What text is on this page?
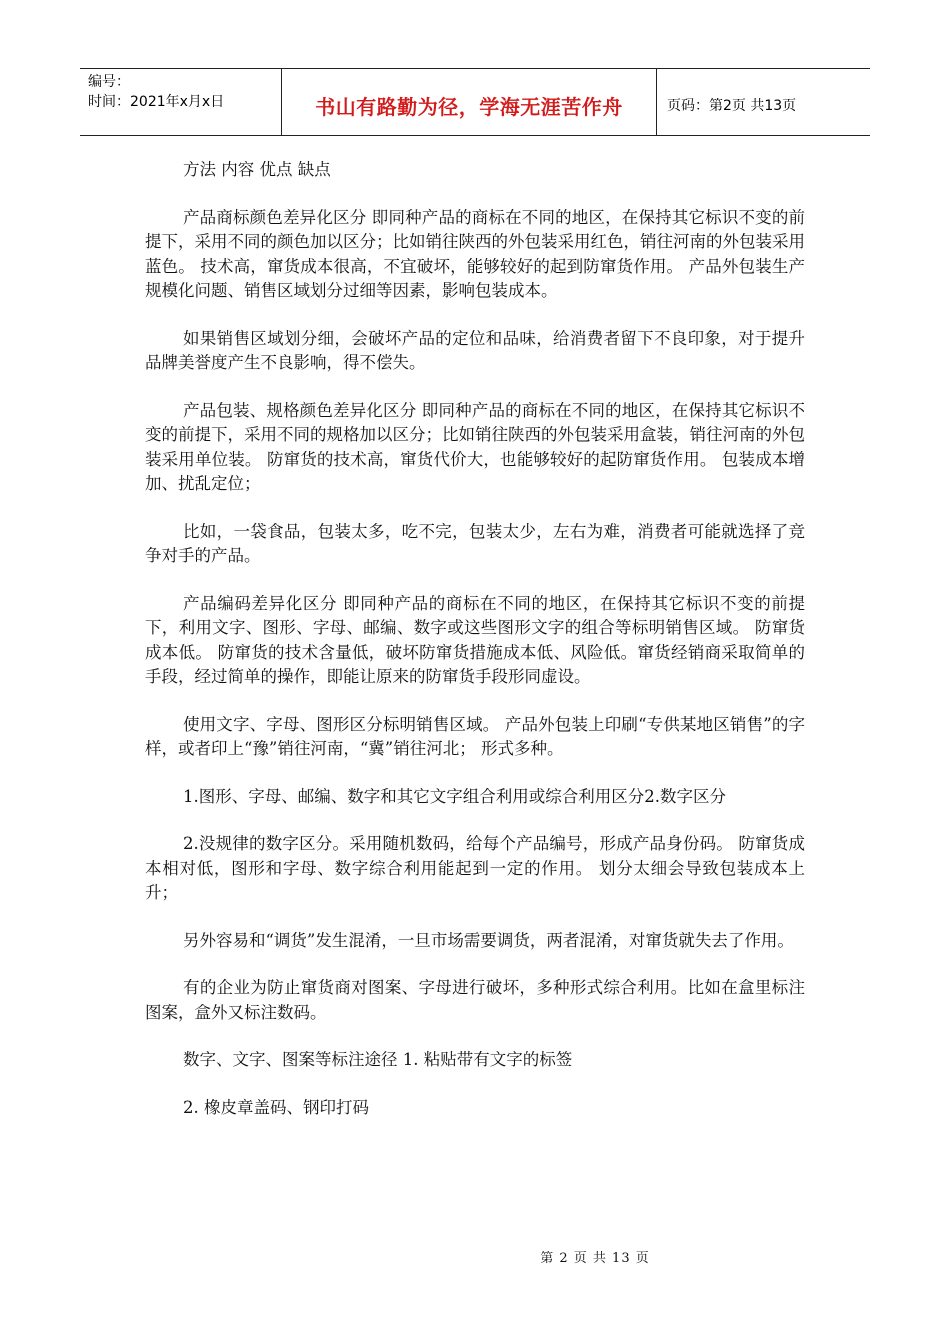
编号：
时间：2021年x月x日	书山有路勤为径，学海无涯苦作舟	页码：第2页 共13页

方法 内容 优点 缺点

产品商标颜色差异化区分 即同种产品的商标在不同的地区，在保持其它标识不变的前提下，采用不同的颜色加以区分；比如销往陕西的外包装采用红色，销往河南的外包装采用蓝色。 技术高，窜货成本很高，不宜破坏，能够较好的起到防窜货作用。 产品外包装生产规模化问题、销售区域划分过细等因素，影响包装成本。

如果销售区域划分细，会破坏产品的定位和品味，给消费者留下不良印象，对于提升品牌美誉度产生不良影响，得不偿失。

产品包装、规格颜色差异化区分 即同种产品的商标在不同的地区，在保持其它标识不变的前提下，采用不同的规格加以区分；比如销往陕西的外包装采用盒装，销往河南的外包装采用单位装。 防窜货的技术高，窜货代价大，也能够较好的起防窜货作用。 包装成本增加、扰乱定位；

比如，一袋食品，包装太多，吃不完，包装太少，左右为难，消费者可能就选择了竞争对手的产品。

产品编码差异化区分 即同种产品的商标在不同的地区，在保持其它标识不变的前提下，利用文字、图形、字母、邮编、数字或这些图形文字的组合等标明销售区域。 防窜货成本低。 防窜货的技术含量低，破坏防窜货措施成本低、风险低。窜货经销商采取简单的手段，经过简单的操作，即能让原来的防窜货手段形同虚设。

使用文字、字母、图形区分标明销售区域。 产品外包装上印刷“专供某地区销售”的字样，或者印上“豫”销往河南，“冀”销往河北； 形式多种。

1.图形、字母、邮编、数字和其它文字组合利用或综合利用区分2.数字区分

2.没规律的数字区分。采用随机数码，给每个产品编号，形成产品身份码。 防窜货成本相对低，图形和字母、数字综合利用能起到一定的作用。 划分太细会导致包装成本上升；

另外容易和“调货”发生混淆，一旦市场需要调货，两者混淆，对窜货就失去了作用。

有的企业为防止窜货商对图案、字母进行破坏，多种形式综合利用。比如在盒里标注图案，盒外又标注数码。

数字、文字、图案等标注途径 1. 粘贴带有文字的标签

2. 橡皮章盖码、钢印打码

第 2 页 共 13 页
